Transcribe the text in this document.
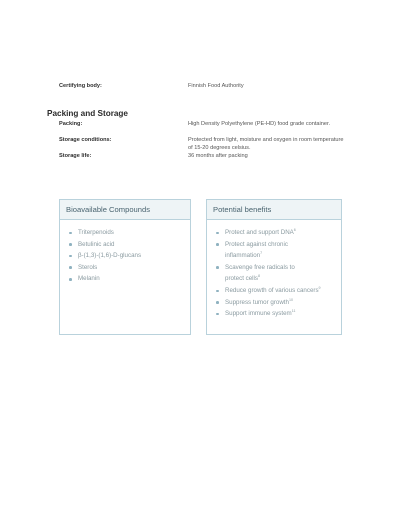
Certifying body:	Finnish Food Authority
Packing and Storage
Packing:	High Density Polyethylene (PE-HD) food grade container.
Storage conditions:	Protected from light, moisture and oxygen in room temperature of 15-20 degrees celsius.
Storage life:	36 months after packing
Bioavailable Compounds
Triterpenoids
Betulinic acid
β-(1,3)-(1,6)-D-glucans
Sterols
Melanin
Potential benefits
Protect and support DNA$^6$
Protect against chronic inflammation$^7$
Scavenge free radicals to protect cells$^8$
Reduce growth of various cancers$^9$
Suppress tumor growth$^{10}$
Support immune system$^{11}$
